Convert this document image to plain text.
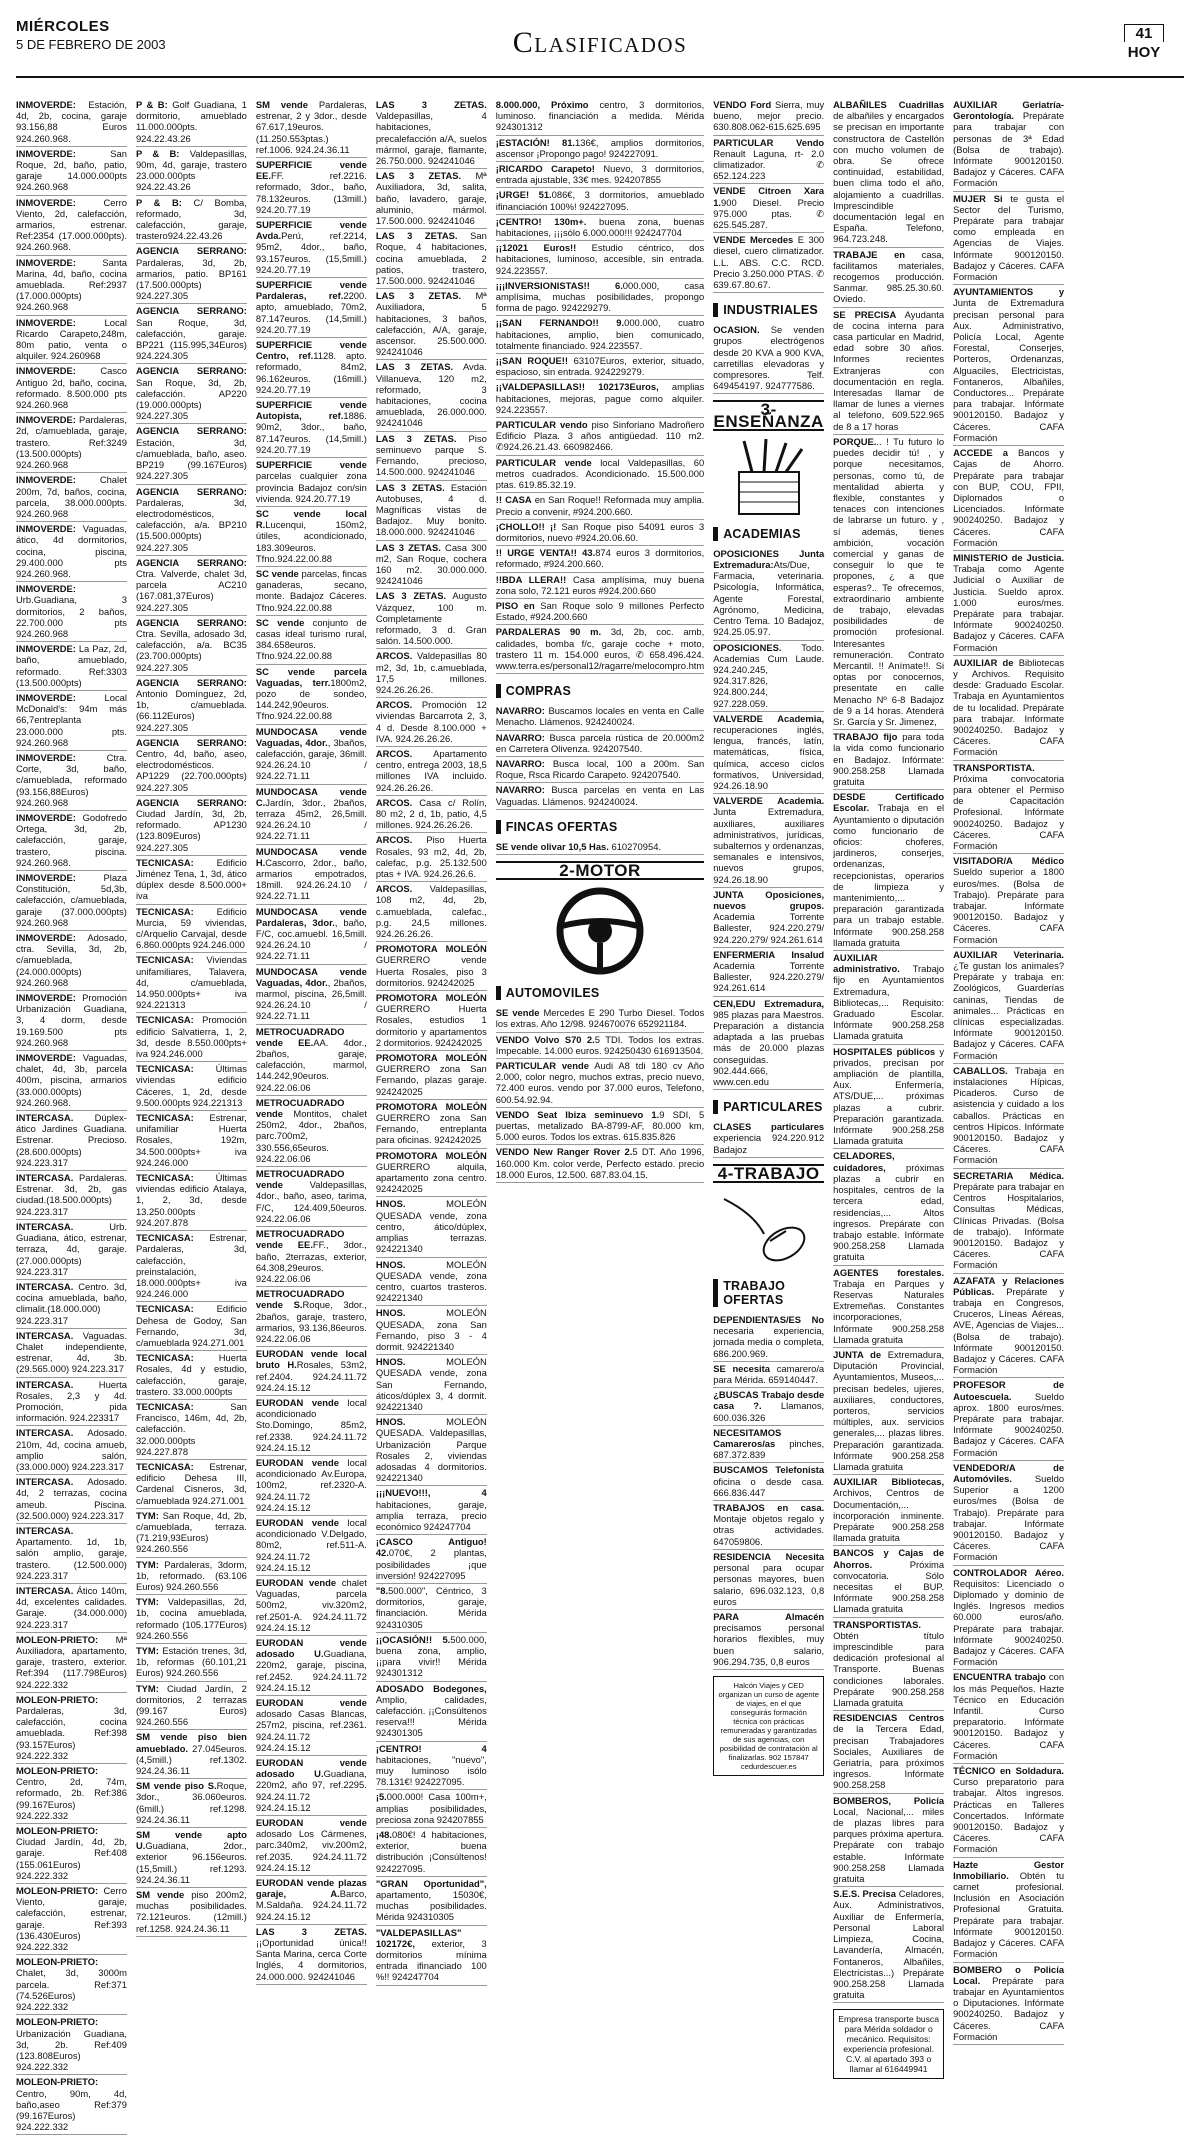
MIÉRCOLES
5 DE FEBRERO DE 2003	Clasificados	41
HOY
INMOVERDE: Estación, 4d, 2b, cocina, garaje 93.156,88 Euros 924.260.968.
INMOVERDE: San Roque, 2d, baño, patio, garaje 14.000.000pts 924.260.968
INMOVERDE: Cerro Viento, 2d, calefacción, armarios, estrenar. Ref:2354 (17.000.000pts). 924.260.968.
INMOVERDE: Santa Marina, 4d, baño, cocina amueblada. Ref:2937 (17.000.000pts) 924.260.968
INMOVERDE: Local Ricardo Carapeto,248m, 80m patio, venta o alquiler. 924.260968
INMOVERDE: Casco Antiguo 2d, baño, cocina, reformado. 8.500.000 pts 924.260.968
INMOVERDE: Pardaleras, 2d, c/amueblada, garaje, trastero. Ref:3249 (13.500.000pts) 924.260.968
INMOVERDE: Chalet 200m, 7d, baños, cocina, parcela, 38.000.000pts. 924.260.968
INMOVERDE: Vaguadas, ático, 4d dormitorios, cocina, piscina, 29.400.000 pts 924.260.968.
INMOVERDE: Urb.Guadiana, 3 dormitorios, 2 baños, 22.700.000 pts 924.260.968
INMOVERDE: La Paz, 2d, baño, amueblado, reformado. Ref:3303 (13.500.000pts)
INMOVERDE: Local McDonald's: 94m más 66,7entreplanta 23.000.000 pts. 924.260.968
INMOVERDE: Ctra. Corte, 3d, baño, c/amueblada, reformado (93.156,88Euros) 924.260.968
INMOVERDE: Godofredo Ortega, 3d, 2b, calefacción, garaje, trastero, piscina. 924.260.968.
INMOVERDE: Plaza Constitución, 5d,3b, calefacción, c/amueblada, garaje (37.000.000pts) 924.260.968
INMOVERDE: Adosado, ctra. Sevilla, 3d, 2b, c/amueblada, (24.000.000pts) 924.260.968
INMOVERDE: Promoción Urbanización Guadiana, 3, 4 dorm, desde 19.169.500 pts 924.260.968
INMOVERDE: Vaguadas, chalet, 4d, 3b, parcela 400m, piscina, armarios (33.000.000pts) 924.260.968.
INTERCASA. Dúplex-ático Jardines Guadiana. Estrenar. Precioso.(28.600.000pts) 924.223.317
INTERCASA. Pardaleras. Estrenar. 3d, 2b, gas ciudad.(18.500.000pts) 924.223.317
INTERCASA. Urb. Guadiana, ático, estrenar, terraza, 4d, garaje. (27.000.000pts) 924.223.317
INTERCASA. Centro. 3d, cocina amueblada, baño, climalit.(18.000.000) 924.223.317
INTERCASA. Vaguadas. Chalet independiente, estrenar, 4d, 3b. (29.565.000) 924.223.317
INTERCASA. Huerta Rosales, 2,3 y 4d. Promoción, pida información. 924.223317
INTERCASA. Adosado. 210m, 4d, cocina amueb, amplio salón, (33.000.000) 924.223.317
INTERCASA. Adosado. 4d, 2 terrazas, cocina ameub. Piscina. (32.500.000) 924.223.317
INTERCASA. Apartamento. 1d, 1b, salón amplio, garaje, trastero. (12.500.000) 924.223.317
INTERCASA. Ático 140m, 4d, excelentes calidades. Garaje. (34.000.000) 924.223.317
MOLEON-PRIETO: Mª Auxiliadora, apartamento, garaje, trastero, exterior. Ref:394 (117.798Euros) 924.222.332
MOLEON-PRIETO: Pardaleras, 3d, calefacción, cocina amueblada. Ref:398 (93.157Euros) 924.222.332
MOLEON-PRIETO: Centro, 2d, 74m, reformado, 2b. Ref:386 (99.167Euros) 924.222.332
MOLEON-PRIETO: Ciudad Jardín, 4d, 2b, garaje. Ref:408 (155.061Euros) 924.222.332
MOLEON-PRIETO: Cerro Viento, garaje, calefacción, estrenar, garaje. Ref:393 (136.430Euros) 924.222.332
MOLEON-PRIETO: Chalet, 3d, 3000m parcela. Ref:371 (74.526Euros) 924.222.332
MOLEON-PRIETO: Urbanización Guadiana, 3d, 2b. Ref:409 (123.808Euros) 924.222.332
MOLEON-PRIETO: Centro, 90m, 4d, baño,aseo Ref:379 (99.167Euros) 924.222.332
P & B: Golf Guadiana, 1 dormitorio, amueblado 11.000.000pts. 924.22.43.26
P & B: Valdepasillas, 90m, 4d, garaje, trastero 23.000.000pts 924.22.43.26
P & B: C/ Bomba, reformado, 3d, calefacción, garaje, trastero924.22.43.26
AGENCIA SERRANO: Pardaleras, 3d, 2b, armarios, patio. BP161 (17.500.000pts) 924.227.305
AGENCIA SERRANO: San Roque, 3d, calefacción, garaje. BP221 (115.995,34Euros) 924.224.305
AGENCIA SERRANO: San Roque, 3d, 2b, calefacción. AP220 (19.000.000pts) 924.227.305
AGENCIA SERRANO: Estación, 3d, c/amueblada, baño, aseo. BP219 (99.167Euros) 924.227.305
AGENCIA SERRANO: Pardaleras, 3d, electrodomésticos, calefacción, a/a. BP210 (15.500.000pts) 924.227.305
AGENCIA SERRANO: Ctra. Valverde, chalet 3d, parcela AC210 (167.081,37Euros) 924.227.305
AGENCIA SERRANO: Ctra. Sevilla, adosado 3d, calefacción, a/a. BC35 (23.700.000pts) 924.227.305
AGENCIA SERRANO: Antonio Domínguez, 2d, 1b, c/amueblada. (66.112Euros) 924.227.305
AGENCIA SERRANO: Centro, 4d, baño, aseo, electrodomésticos. AP1229 (22.700.000pts) 924.227.305
AGENCIA SERRANO: Ciudad Jardín, 3d, 2b, reformado. AP1230 (123.809Euros) 924.227.305
TECNICASA: Edificio Jiménez Tena, 1, 3d, ático dúplex desde 8.500.000+ iva
TECNICASA: Edificio Murcia, 59 viviendas, c/Arquelio Carvajal, desde 6.860.000pts 924.246.000
TECNICASA: Viviendas unifamiliares, Talavera, 4d, c/amueblada, 14.950.000pts+ iva 924.221313
TECNICASA: Promoción edificio Salvatierra, 1, 2, 3d, desde 8.550.000pts+ iva 924.246.000
TECNICASA: Últimas viviendas edificio Cáceres, 1, 2d, desde 9.500.000pts 924.221313
TECNICASA: Estrenar, unifamiliar Huerta Rosales, 192m, 34.500.000pts+ iva 924.246.000
TECNICASA: Últimas viviendas edificio Atalaya, 1, 2, 3d, desde 13.250.000pts 924.207.878
TECNICASA: Estrenar, Pardaleras, 3d, calefacción, preinstalación, 18.000.000pts+ iva 924.246.000
TECNICASA: Edificio Dehesa de Godoy, San Fernando, 3d, c/amueblada 924.271.001
TECNICASA: Huerta Rosales, 4d y estudio, calefacción, garaje, trastero. 33.000.000pts
TECNICASA: San Francisco, 146m, 4d, 2b, calefacción. 32.000.000pts 924.227.878
TECNICASA: Estrenar, edificio Dehesa III, Cardenal Cisneros, 3d, c/amueblada 924.271.001
TYM: San Roque, 4d, 2b, c/amueblada, terraza. (71.219,93Euros) 924.260.556
TYM: Pardaleras, 3dorm, 1b, reformado. (63.106 Euros) 924.260.556
TYM: Valdepasillas, 2d, 1b, cocina amueblada, reformado (105.177Euros) 924.260.556
TYM: Estación trenes, 3d, 1b, reformas (60.101,21 Euros) 924.260.556
TYM: Ciudad Jardín, 2 dormitorios, 2 terrazas (99.167 Euros) 924.260.556
SM vende piso bien amueblado. 27.045euros. (4,5mill.) ref.1302. 924.24.36.11
SM vende piso S.Roque, 3dor., 36.060euros. (6mill.) ref.1298. 924.24.36.11
SM vende apto U.Guadiana, 2dor., exterior 96.156euros. (15,5mill.) ref.1293. 924.24.36.11
SM vende piso 200m2, muchas posibilidades. 72.121euros. (12mill.) ref.1258. 924.24.36.11
SM vende Pardaleras, estrenar, 2 y 3dor., desde 67.617,19euros. (11.250.553ptas.) ref.1006. 924.24.36.11
SUPERFICIE vende EE.FF. ref.2216. reformado, 3dor., baño, 78.132euros. (13mill.) 924.20.77.19
SUPERFICIE vende Avda.Perú, ref.2214, 95m2, 4dor., baño, 93.157euros. (15,5mill.) 924.20.77.19
SUPERFICIE vende Pardaleras, ref.2200. apto, amueblado, 70m2, 87.147euros. (14,5mill.) 924.20.77.19
SUPERFICIE vende Centro, ref.1128. apto. reformado, 84m2, 96.162euros. (16mill.) 924.20.77.19
SUPERFICIE vende Autopista, ref.1886. 90m2, 3dor., baño, 87.147euros. (14,5mill.) 924.20.77.19
SUPERFICIE vende parcelas cualquier zona provincia Badajoz con/sin vivienda. 924.20.77.19
SC vende local R.Lucenqui, 150m2, útiles, acondicionado, 183.309euros. Tfno.924.22.00.88
SC vende parcelas, fincas ganaderas, secano, monte. Badajoz Cáceres. Tfno.924.22.00.88
SC vende conjunto de casas ideal turismo rural, 384.658euros. Tfno.924.22.00.88
SC vende parcela Vaguadas, terr.1800m2, pozo de sondeo, 144.242,90euros. Tfno.924.22.00.88
MUNDOCASA vende Vaguadas, 4dor., 3baños, calefacción, garaje, 36mill. 924.26.24.10 / 924.22.71.11
MUNDOCASA vende C.Jardín, 3dor., 2baños, terraza 45m2, 26,5mill. 924.26.24.10 / 924.22.71.11
MUNDOCASA vende H.Cascorro, 2dor., baño, armarios empotrados, 18mill. 924.26.24.10 / 924.22.71.11
MUNDOCASA vende Pardaleras, 3dor., baño, F/C, coc.amuebl. 16,5mill. 924.26.24.10 / 924.22.71.11
MUNDOCASA vende Vaguadas, 4dor., 2baños, marmol, piscina, 26,5mill. 924.26.24.10 / 924.22.71.11
METROCUADRADO vende EE.AA. 4dor., 2baños, garaje, calefacción, marmol, 144.242,90euros. 924.22.06.06
METROCUADRADO vende Montitos, chalet 250m2, 4dor., 2baños, parc.700m2, 330.556,65euros. 924.22.06.06
METROCUADRADO vende Valdepasillas, 4dor., baño, aseo, tarima, F/C, 124.409,50euros. 924.22.06.06
METROCUADRADO vende EE.FF., 3dor., baño, 2terrazas, exterior, 64.308,29euros. 924.22.06.06
METROCUADRADO vende S.Roque, 3dor., 2baños, garaje, trastero, armarios, 93.136,86euros. 924.22.06.06
EURODAN vende local bruto H.Rosales, 53m2, ref.2404. 924.24.11.72 924.24.15.12
EURODAN vende local acondicionado Sto.Domingo, 85m2, ref.2338. 924.24.11.72 924.24.15.12
EURODAN vende local acondicionado Av.Europa, 100m2, ref.2320-A. 924.24.11.72 924.24.15.12
EURODAN vende local acondicionado V.Delgado, 80m2, ref.511-A. 924.24.11.72 924.24.15.12
EURODAN vende chalet Vaguadas, parcela 500m2, viv.320m2, ref.2501-A. 924.24.11.72 924.24.15.12
EURODAN vende adosado U.Guadiana, 220m2, garaje, piscina, ref.2452. 924.24.11.72 924.24.15.12
EURODAN vende adosado Casas Blancas, 257m2, piscina, ref.2361. 924.24.11.72 924.24.15.12
EURODAN vende adosado U.Guadiana, 220m2, año 97, ref.2295. 924.24.11.72 924.24.15.12
EURODAN vende adosado Los Cármenes, parc.340m2, viv.200m2, ref.2035. 924.24.11.72 924.24.15.12
EURODAN vende plazas garaje, A.Barco, M.Saldaña. 924.24.11.72 924.24.15.12
LAS 3 ZETAS. ¡¡Oportunidad única!! Santa Marina, cerca Corte Inglés, 4 dormitorios, 24.000.000. 924241046
LAS 3 ZETAS. Valdepasillas, 4 habitaciones, precalefacción a/A, suelos mármol, garaje, flamante, 26.750.000. 924241046
LAS 3 ZETAS. Mª Auxiliadora, 3d, salita, baño, lavadero, garaje, aluminio, mármol. 17.500.000. 924241046
LAS 3 ZETAS. San Roque, 4 habitaciones, cocina amueblada, 2 patios, trastero, 17.500.000. 924241046
LAS 3 ZETAS. Mª Auxiliadora, 5 habitaciones, 3 baños, calefacción, A/A, garaje, ascensor. 25.500.000. 924241046
LAS 3 ZETAS. Avda. Villanueva, 120 m2, reformado, 3 habitaciones, cocina amueblada, 26.000.000. 924241046
LAS 3 ZETAS. Piso seminuevo parque S. Fernando, precioso, 14.500.000. 924241046
LAS 3 ZETAS. Estación Autobuses, 4 d. Magníficas vistas de Badajoz. Muy bonito. 18.000.000. 924241046
LAS 3 ZETAS. Casa 300 m2, San Roque, cochera 160 m2. 30.000.000. 924241046
LAS 3 ZETAS. Augusto Vázquez, 100 m. Completamente reformado, 3 d. Gran salón. 14.500.000.
ARCOS. Valdepasillas 80 m2, 3d, 1b, c.amueblada, 17,5 millones. 924.26.26.26.
ARCOS. Promoción 12 viviendas Barcarrota 2, 3, 4 d. Desde 8.100.000 + IVA. 924.26.26.26.
ARCOS. Apartamento centro, entrega 2003, 18,5 millones IVA incluido. 924.26.26.26.
ARCOS. Casa c/ Rolín, 80 m2, 2 d, 1b, patio, 4,5 millones. 924.26.26.26.
ARCOS. Piso Huerta Rosales, 93 m2, 4d, 2b, calefac, p.g. 25.132.500 ptas + IVA. 924.26.26.6.
ARCOS. Valdepasillas, 108 m2, 4d, 2b, c.amueblada, calefac., p.g. 24,5 millones. 924.26.26.26.
PROMOTORA MOLEÓN GUERRERO vende Huerta Rosales, piso 3 dormitorios. 924242025
PROMOTORA MOLEÓN GUERRERO Huerta Rosales, estudios 1 dormitorio y apartamentos 2 dormitorios. 924242025
PROMOTORA MOLEÓN GUERRERO zona San Fernando, plazas garaje. 924242025
PROMOTORA MOLEÓN GUERRERO zona San Fernando, entreplanta para oficinas. 924242025
PROMOTORA MOLEÓN GUERRERO alquila, apartamento zona centro. 924242025
HNOS. MOLEÓN QUESADA vende, zona centro, ático/dúplex, amplias terrazas. 924221340
HNOS. MOLEÓN QUESADA vende, zona centro, cuartos trasteros. 924221340
HNOS. MOLEÓN QUESADA, zona San Fernando, piso 3 - 4 dormit. 924221340
HNOS. MOLEÓN QUESADA vende, zona San Fernando, áticos/dúplex 3, 4 dormit. 924221340
HNOS. MOLEÓN QUESADA. Valdepasillas, Urbanización Parque Rosales 2, viviendas adosadas 4 dormitorios. 924221340
¡¡¡NUEVO!!!, 4 habitaciones, garaje, amplia terraza, precio económico 924247704
¡CASCO Antiguo! 42.070€, 2 plantas, posibilidades ¡que inversión! 924227095
"8.500.000", Céntrico, 3 dormitorios, garaje, financiación. Mérida 924310305
¡¡OCASIÓN!! 5.500.000, buena zona, amplio, ¡¡para vivir!! Mérida 924301312
ADOSADO Bodegones, Amplio, calidades, calefacción. ¡¡Consúltenos reserva!!! Mérida 924301305
¡CENTRO! 4 habitaciones, "nuevo", muy luminoso isólo 78.131€! 924227095.
¡5.000.000! Casa 100m+, amplias posibilidades, preciosa zona 924207855
¡48.080€! 4 habitaciones, exterior, buena distribución ¡Consúltenos! 924227095.
"GRAN Oportunidad", apartamento, 15030€, muchas posibilidades. Mérida 924310305
"VALDEPASILLAS" 102172€, exterior, 3 dormitorios mínima entrada ifinanciado 100 %!! 924247704
8.000.000, Próximo centro, 3 dormitorios, luminoso. financiación a medida. Mérida 924301312
¡ESTACIÓN! 81.136€, amplios dormitorios, ascensor ¡Propongo pago! 924227091.
¡RICARDO Carapeto! Nuevo, 3 dormitorios, entrada ajustable, 33€ mes. 924207855
¡URGE! 51.086€, 3 dormitorios, amueblado ifinanciación 100%! 924227095.
¡CENTRO! 130m+. buena zona, buenas habitaciones, ¡¡¡sólo 6.000.000!!! 924247704
¡¡12021 Euros!! Estudio céntrico, dos habitaciones, luminoso, accesible, sin entrada. 924.223557.
¡¡¡INVERSIONISTAS!! 6.000.000, casa amplísima, muchas posibilidades, propongo forma de pago. 924229279.
¡¡SAN FERNANDO!! 9.000.000, cuatro habitaciones, amplio, bien comunicado, totalmente financiado. 924.223557.
¡¡SAN ROQUE!! 63107Euros, exterior, situado, espacioso, sin entrada. 924229279.
¡¡VALDEPASILLAS!! 102173Euros, amplias habitaciones, mejoras, pague como alquiler. 924.223557.
PARTICULAR vendo piso Sinforiano Madroñero Edificio Plaza. 3 años antigüedad. 110 m2. ✆924.26.21.43. 660982466.
PARTICULAR vende local Valdepasillas, 60 metros cuadrados. Acondicionado. 15.500.000 ptas. 619.85.32.19.
!! CASA en San Roque!! Reformada muy amplia. Precio a convenir, #924.200.660.
¡CHOLLO!! ¡! San Roque piso 54091 euros 3 dormitorios, nuevo #924.20.06.60.
!! URGE VENTA!! 43.874 euros 3 dormitorios, reformado, #924.200.660.
!!BDA LLERA!! Casa amplísima, muy buena zona solo, 72.121 euros #924.200.660
PISO en San Roque solo 9 millones Perfecto Estado, #924.200.660
PARDALERAS 90 m. 3d, 2b, coc. amb, calidades, bomba f/c, garaje coche + moto, trastero 11 m. 154.000 euros, ✆ 658.496.424. www.terra.es/personal12/ragarre/melocompro.htm
COMPRAS
NAVARRO: Buscamos locales en venta en Calle Menacho. Llámenos. 924240024.
NAVARRO: Busca parcela rústica de 20.000m2 en Carretera Olivenza. 924207540.
NAVARRO: Busca local, 100 a 200m. San Roque, Rsca Ricardo Carapeto. 924207540.
NAVARRO: Busca parcelas en venta en Las Vaguadas. Llámenos. 924240024.
FINCAS OFERTAS
SE vende olivar 10,5 Has. 610270954.
2-MOTOR
AUTOMOVILES
SE vende Mercedes E 290 Turbo Diesel. Todos los extras. Año 12/98. 924670076 652921184.
VENDO Volvo S70 2.5 TDI. Todos los extras. Impecable. 14.000 euros. 924250430 616913504.
PARTICULAR vende Audi A8 tdi 180 cv Año 2.000, color negro, muchos extras, precio nuevo, 72.400 euros. vendo por 37.000 euros, Telefono, 600.54.92.94.
VENDO Seat Ibiza seminuevo 1.9 SDI, 5 puertas, metalizado BA-8799-AF, 80.000 km, 5.000 euros. Todos los extras. 615.835.826
VENDO New Ranger Rover 2.5 DT. Año 1996, 160.000 Km. color verde, Perfecto estado. precio 18.000 Euros, 12.500. 687.83.04.15.
VENDO Ford Sierra, muy bueno, mejor precio. 630.808.062-615.625.695
PARTICULAR Vendo Renault Laguna, rt- 2.0 climatizador. ✆ 652.124.223
VENDE Citroen Xara 1.900 Diesel. Precio 975.000 ptas. ✆ 625.545.287.
VENDE Mercedes E 300 diesel, cuero climatizador. L.L. ABS. C.C. RCD. Precio 3.250.000 PTAS. ✆ 639.67.80.67.
INDUSTRIALES
OCASION. Se venden grupos electrógenos desde 20 KVA a 900 KVA, carretillas elevadoras y compresores. Telf. 649454197. 924777586.
3-ENSEÑANZA
ACADEMIAS
OPOSICIONES Junta Extremadura:Ats/Due, Farmacia, veterinaria. Psicología, Informática, Agente Forestal, Agrónomo, Medicina, Centro Tema. 10 Badajoz, 924.25.05.97.
OPOSICIONES. Todo. Academias Cum Laude. 924.240.245, 924.317.826, 924.800.244, 927.228.059.
VALVERDE Academia, recuperaciones inglés, lengua, francés, latín, matemáticas, física, química, acceso ciclos formativos, Universidad, 924.26.18.90
VALVERDE Academia. Junta Extremadura, auxiliares, auxiliares administrativos, jurídicas, subalternos y ordenanzas, semanales e intensivos, nuevos grupos, 924.26.18.90
JUNTA Oposiciones, nuevos grupos. Academia Torrente Ballester, 924.220.279/ 924.220.279/ 924.261.614
ENFERMERIA Insalud Academia Torrente Ballester, 924.220.279/ 924.261.614
CEN,EDU Extremadura, 985 plazas para Maestros. Preparación a distancia adaptada a las pruebas más de 20.000 plazas conseguidas. 902.444.666, www.cen.edu
PARTICULARES
CLASES particulares experiencia 924.220.912 Badajoz
4-TRABAJO
TRABAJO OFERTAS
DEPENDIENTAS/ES No necesaria experiencia, jornada media o completa, 686.200.969.
SE necesita camarero/a para Mérida. 659140447.
¿BUSCAS Trabajo desde casa ?. Llamanos, 600.036.326
NECESITAMOS Camareros/as pinches, 687.372.839
BUSCAMOS Telefonista oficina o desde casa. 666.836.447
TRABAJOS en casa. Montaje objetos regalo y otras actividades. 647059806.
RESIDENCIA Necesita personal para ocupar personas mayores, buen salario, 696.032.123, 0,8 euros
PARA Almacén precisamos personal horarios flexibles, muy buen salario, 906.294.735, 0,8 euros
Halcón Viajes y CED organizan un curso de agente de viajes, en el que conseguirás formación técnica con prácticas remuneradas y garantizadas de sus agencias, con posibilidad de contratación al finalizarlas. 902 157847 cedurdescuer.es
ALBAÑILES Cuadrillas de albañiles y encargados se precisan en importante constructora de Castellón con mucho volumen de obra. Se ofrece continuidad, estabilidad, buen clima todo el año, alojamiento a cuadrillas. Imprescindible documentación legal en España. Telefono, 964.723.248.
TRABAJE en casa, facilitamos materiales, recogemos producción. Sanmar. 985.25.30.60. Oviedo.
SE PRECISA Ayudanta de cocina interna para casa particular en Madrid, edad sobre 30 años. Informes recientes Extranjeras con documentación en regla. Interesadas llamar de llamar de lunes a viernes al telefono, 609.522.965 de 8 a 17 horas
PORQUE... ! Tu futuro lo puedes decidir tú! , y porque necesitamos, personas, como tú, de mentalidad abierta y flexible, constantes y tenaces con intenciones de labrarse un futuro. y , sí además, tienes ambición, vocación comercial y ganas de conseguir lo que te propones, ¿ a que esperas?.. Te ofrecemos, extraordinario ambiente de trabajo, elevadas posibilidades de promoción profesional. Interesantes remuneración. Contrato Mercantil. !! Anímate!!. Si optas por conocernos, presentate en calle Menacho Nº 6-8 Badajoz de 9 a 14 horas. Atenderá Sr. García y Sr. Jimenez,
TRABAJO fijo para toda la vida como funcionario en Badajoz. Infórmate: 900.258.258 Llamada gratuita
DESDE Certificado Escolar. Trabaja en el Ayuntamiento o diputación como funcionario de oficios: choferes, jardineros, conserjes, ordenanzas, recepcionistas, operarios de limpieza y mantenimiento,... preparación garantizada para un trabajo estable. Infórmate 900.258.258 llamada gratuita
AUXILIAR administrativo. Trabajo fijo en Ayuntamientos Extremadura, Bibliotecas,... Requisito: Graduado Escolar. Infórmate 900.258.258 Llamada gratuita
HOSPITALES públicos y privados, precisan por ampliación de plantilla, Aux. Enfermería, ATS/DUE,... próximas plazas a cubrir. Preparación garantizada. Infórmate 900.258.258 Llamada gratuita
CELADORES, cuidadores, próximas plazas a cubrir en hospitales, centros de la tercera edad, residencias,... Altos ingresos. Prepárate con trabajo estable. Infórmate 900.258.258 Llamada gratuita
AGENTES forestales. Trabaja en Parques y Reservas Naturales Extremeñas. Constantes incorporaciones, Infórmate 900.258.258 Llamada gratuita
JUNTA de Extremadura, Diputación Provincial, Ayuntamientos, Museos,... precisan bedeles, ujieres, auxiliares, conductores, porteros, servicios múltiples, aux. servicios generales,... plazas libres. Preparación garantizada. Infórmate 900.258.258 Llamada gratuita
AUXILIAR Bibliotecas, Archivos, Centros de Documentación,... incorporación inminente. Prepárate 900.258.258 llamada gratuita
BANCOS y Cajas de Ahorros. Próxima convocatoria. Sólo necesitas el BUP. Infórmate 900.258.258 Llamada gratuita
TRANSPORTISTAS. Obtén título imprescindible para dedicación profesional al Transporte. Buenas condiciones laborales. Prepárate 900.258.258 Llamada gratuita
RESIDENCIAS Centros de la Tercera Edad, precisan Trabajadores Sociales, Auxiliares de Geriatría, para próximos ingresos. Infórmate 900.258.258
BOMBEROS, Policía Local, Nacional,... miles de plazas libres para parques próxima apertura. Prepárate con trabajo estable. Infórmate 900.258.258 Llamada gratuita
S.E.S. Precisa Celadores, Aux. Administrativos, Auxiliar de Enfermería, Personal Laboral Limpieza, Cocina, Lavandería, Almacén, Fontaneros, Albañiles, Electricistas...) Prepárate 900.258.258 Llamada gratuita
Empresa transporte busca para Mérida soldador o mecánico. Requisitos: experiencia profesional. C.V. al apartado 393 o llamar al 616449941
AUXILIAR Geriatría-Gerontología. Prepárate para trabajar con personas de 3ª Edad (Bolsa de trabajo). Infórmate 900120150. Badajoz y Cáceres. CAFA Formación
MUJER Si te gusta el Sector del Turismo, Prepárate para trabajar como empleada en Agencias de Viajes. Infórmate 900120150. Badajoz y Cáceres. CAFA Formación
AYUNTAMIENTOS y Junta de Extremadura precisan personal para Aux. Administrativo, Policía Local, Agente Forestal, Conserjes, Porteros, Ordenanzas, Alguaciles, Electricistas, Fontaneros, Albañiles, Conductores... Prepárate para trabajar. Infórmate 900120150. Badajoz y Cáceres. CAFA Formación
ACCEDE a Bancos y Cajas de Ahorro. Prepárate para trabajar con BUP, COU, FPII, Diplomados o Licenciados. Infórmate 900240250. Badajoz y Cáceres. CAFA Formación
MINISTERIO de Justicia. Trabaja como Agente Judicial o Auxiliar de Justicia. Sueldo aprox. 1.000 euros/mes. Prepárate para trabajar. Infórmate 900240250. Badajoz y Cáceres. CAFA Formación
AUXILIAR de Bibliotecas y Archivos. Requisito desde: Graduado Escolar. Trabaja en Ayuntamientos de tu localidad. Prepárate para trabajar. Infórmate 900240250. Badajoz y Cáceres. CAFA Formación
TRANSPORTISTA. Próxima convocatoria para obtener el Permiso de Capacitación Profesional. Infórmate 900240250. Badajoz y Cáceres. CAFA Formación
VISITADOR/A Médico Sueldo superior a 1800 euros/mes. (Bolsa de Trabajo). Prepárate para trabajar. Infórmate 900120150. Badajoz y Cáceres. CAFA Formación
AUXILIAR Veterinaria. ¿Te gustan los animales? Prepárate y trabaja en: Zoológicos, Guarderías caninas, Tiendas de animales... Prácticas en clínicas especializadas. Infórmate 900120150. Badajoz y Cáceres. CAFA Formación
CABALLOS. Trabaja en instalaciones Hípicas, Picaderos. Curso de asistencia y cuidado a los caballos. Prácticas en centros Hípicos. Infórmate 900120150. Badajoz y Cáceres. CAFA Formación
SECRETARIA Médica. Prepárate para trabajar en Centros Hospitalarios, Consultas Médicas, Clínicas Privadas. (Bolsa de trabajo). Infórmate 900120150. Badajoz y Cáceres. CAFA Formación
AZAFATA y Relaciones Públicas. Prepárate y trabaja en Congresos, Cruceros, Líneas Aéreas, AVE, Agencias de Viajes...(Bolsa de trabajo). Infórmate 900120150. Badajoz y Cáceres. CAFA Formación
PROFESOR de Autoescuela. Sueldo aprox. 1800 euros/mes. Prepárate para trabajar. Infórmate 900240250. Badajoz y Cáceres. CAFA Formación
VENDEDOR/A de Automóviles. Sueldo Superior a 1200 euros/mes (Bolsa de Trabajo). Prepárate para trabajar. Infórmate 900120150. Badajoz y Cáceres. CAFA Formación
CONTROLADOR Aéreo. Requisitos: Licenciado o Diplomado y dominio de Inglés. Ingresos medios 60.000 euros/año. Prepárate para trabajar. Infórmate 900240250. Badajoz y Cáceres. CAFA Formación
ENCUENTRA trabajo con los más Pequeños. Hazte Técnico en Educación Infantil. Curso preparatorio. Infórmate 900120150. Badajoz y Cáceres. CAFA Formación
TÉCNICO en Soldadura. Curso preparatorio para trabajar. Altos ingresos. Prácticas en Talleres Concertados. Infórmate 900120150. Badajoz y Cáceres. CAFA Formación
Hazte Gestor Inmobiliario. Obtén tu carnet profesional. Inclusión en Asociación Profesional Gratuita. Prepárate para trabajar. Infórmate 900120150. Badajoz y Cáceres. CAFA Formación
BOMBERO o Policía Local. Prepárate para trabajar en Ayuntamientos o Diputaciones. Infórmate 900240250. Badajoz y Cáceres. CAFA Formación
